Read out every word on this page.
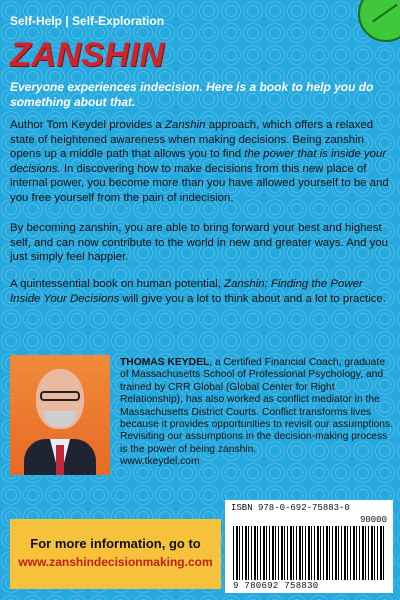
Self-Help | Self-Exploration
ZANSHIN
Everyone experiences indecision. Here is a book to help you do something about that.
Author Tom Keydel provides a Zanshin approach, which offers a relaxed state of heightened awareness when making decisions. Being zanshin opens up a middle path that allows you to find the power that is inside your decisions. In discovering how to make decisions from this new place of internal power, you become more than you have allowed yourself to be and you free yourself from the pain of indecision.
By becoming zanshin, you are able to bring forward your best and highest self, and can now contribute to the world in new and greater ways. And you just simply feel happier.
A quintessential book on human potential, Zanshin: Finding the Power Inside Your Decisions will give you a lot to think about and a lot to practice.
THOMAS KEYDEL, a Certified Financial Coach, graduate of Massachusetts School of Professional Psychology, and trained by CRR Global (Global Center for Right Relationship), has also worked as conflict mediator in the Massachusetts District Courts. Conflict transforms lives because it provides opportunities to revisit our assumptions. Revisiting our assumptions in the decision-making process is the power of being zanshin.
www.tkeydel.com
ISBN 978-0-692-75883-0
90000
9 780692 758830
For more information, go to
www.zanshindecisionmaking.com
